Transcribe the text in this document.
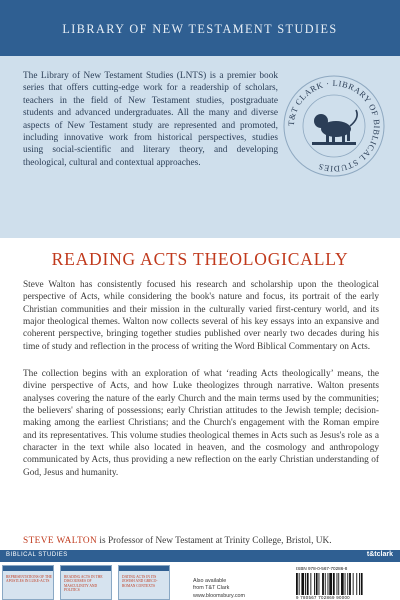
LIBRARY OF NEW TESTAMENT STUDIES

The Library of New Testament Studies (LNTS) is a premier book series that offers cutting-edge work for a readership of scholars, teachers in the field of New Testament studies, postgraduate students and advanced undergraduates. All the many and diverse aspects of New Testament study are represented and promoted, including innovative work from historical perspectives, studies using social-scientific and literary theory, and developing theological, cultural and contextual approaches.

T&T CLARK · LIBRARY OF BIBLICAL STUDIES
READING ACTS THEOLOGICALLY

Steve Walton has consistently focused his research and scholarship upon the theological perspective of Acts, while considering the book's nature and focus, its portrait of the early Christian communities and their mission in the culturally varied first-century world, and its major theological themes. Walton now collects several of his key essays into an expansive and coherent perspective, bringing together studies published over nearly two decades during his time of study and reflection in the process of writing the Word Biblical Commentary on Acts.

The collection begins with an exploration of what ‘reading Acts theologically’ means, the divine perspective of Acts, and how Luke theologizes through narrative. Walton presents analyses covering the nature of the early Church and the main terms used by the communities; the believers' sharing of possessions; early Christian attitudes to the Jewish temple; decision-making among the earliest Christians; and the Church's engagement with the Roman empire and its representatives. This volume studies theological themes in Acts such as Jesus's role as a character in the text while also located in heaven, and the cosmology and anthropology communicated by Acts, thus providing a new reflection on the early Christian understanding of God, Jesus and humanity.

STEVE WALTON is Professor of New Testament at Trinity College, Bristol, UK.

BIBLICAL STUDIES	t&tclark
REPRESENTATIONS OF THE APOSTLES IN LUKE-ACTS
READING ACTS IN THE DISCOURSES OF MASCULINITY AND POLITICS
DATING ACTS IN ITS JEWISH AND GRECO-ROMAN CONTEXTS
Also available
from T&T Clark
www.bloomsbury.com
ISBN 978-0-567-70286-8
9 780567 702869 90000
